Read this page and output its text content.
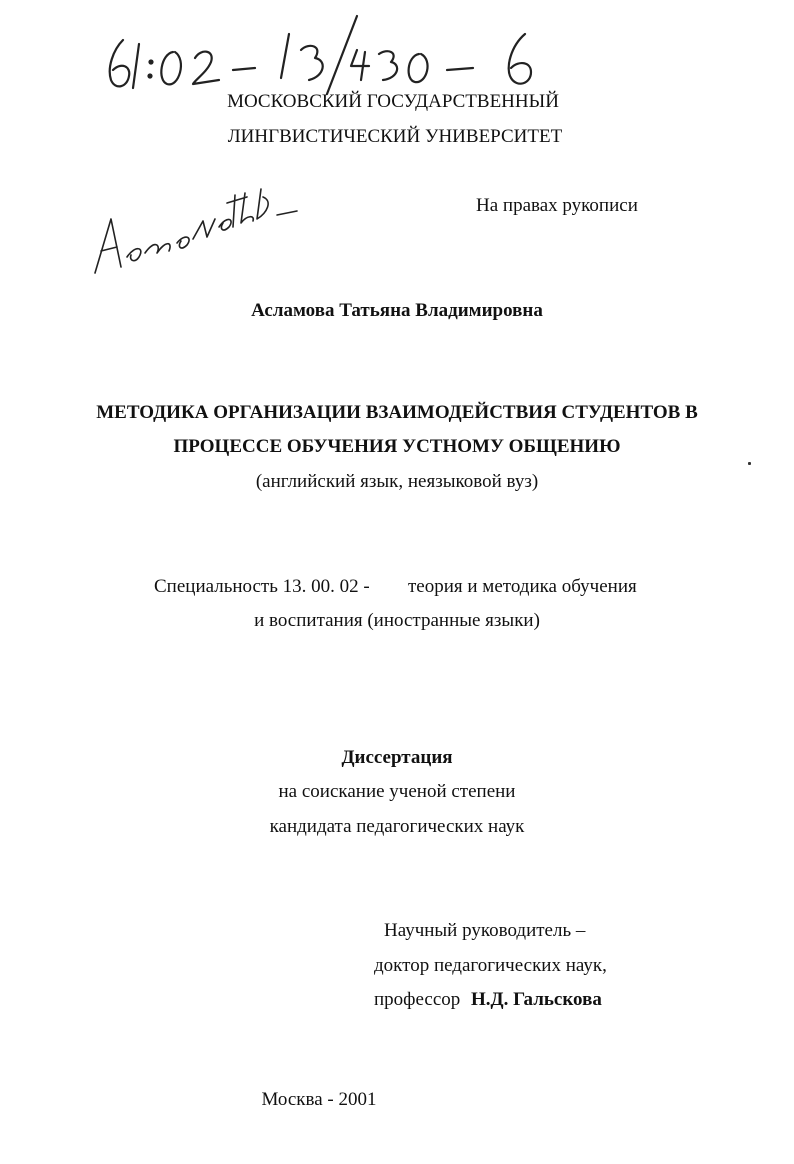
МОСКОВСКИЙ ГОСУДАРСТВЕННЫЙ
ЛИНГВИСТИЧЕСКИЙ УНИВЕРСИТЕТ
На правах рукописи
Асламова Татьяна Владимировна
МЕТОДИКА ОРГАНИЗАЦИИ ВЗАИМОДЕЙСТВИЯ СТУДЕНТОВ В
ПРОЦЕССЕ ОБУЧЕНИЯ УСТНОМУ ОБЩЕНИЮ
(английский язык, неязыковой вуз)
Специальность 13. 00. 02 - теория и методика обучения
и воспитания (иностранные языки)
Диссертация
на соискание ученой степени
кандидата педагогических наук
Научный руководитель –
доктор педагогических наук,
профессор Н.Д. Гальскова
Москва - 2001
